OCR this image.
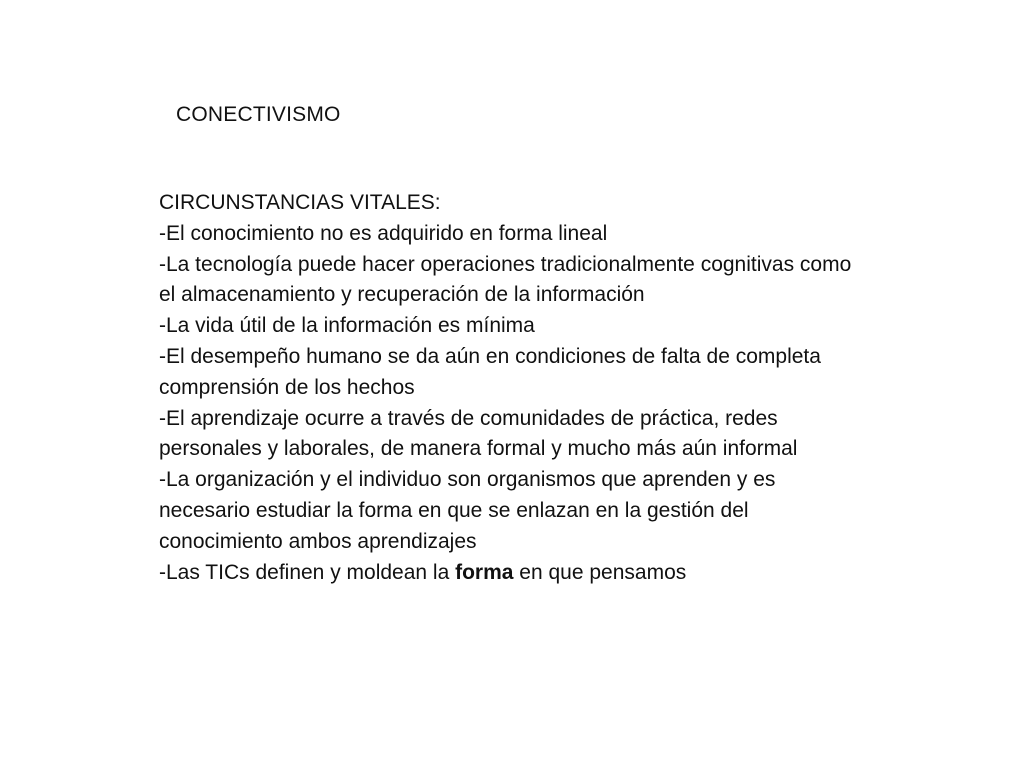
CONECTIVISMO

CIRCUNSTANCIAS VITALES:

-El conocimiento no es adquirido en forma lineal

-La tecnología puede hacer operaciones tradicionalmente cognitivas como el almacenamiento y recuperación de la información

-La vida útil de la información es mínima

-El desempeño humano se da aún en condiciones de falta de completa comprensión de los hechos

-El aprendizaje ocurre a través de comunidades de práctica, redes personales y laborales, de manera formal y mucho más aún informal

-La organización y el individuo son organismos que aprenden y es necesario estudiar la forma en que se enlazan en la gestión del conocimiento ambos aprendizajes

-Las TICs definen y moldean la forma en que pensamos
